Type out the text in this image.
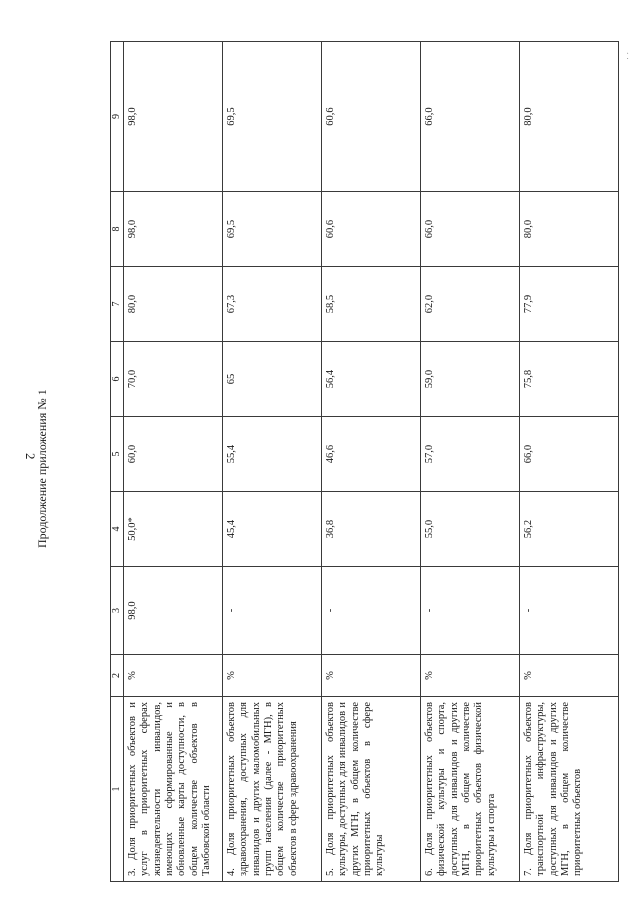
2
Продолжение приложения № 1
· ·
1	2	3	4	5	6	7	8	9
3. Доля приоритетных объектов и услуг в приоритетных сферах жизнедеятельности инвалидов, имеющих сформированные и обновленные карты доступности, в общем количестве объектов в Тамбовской области	%	98,0	50,0*	60,0	70,0	80,0	98,0	98,0
4. Доля приоритетных объектов здравоохранения, доступных для инвалидов и других маломобильных групп населения (далее - МГН), в общем количестве приоритетных объектов в сфере здравоохранения	%	-	45,4	55,4	65	67,3	69,5	69,5
5. Доля приоритетных объектов культуры, доступных для инвалидов и других МГН, в общем количестве приоритетных объектов в сфере культуры	%	-	36,8	46,6	56,4	58,5	60,6	60,6
6. Доля приоритетных объектов физической культуры и спорта, доступных для инвалидов и других МГН, в общем количестве приоритетных объектов физической культуры и спорта	%	-	55,0	57,0	59,0	62,0	66,0	66,0
7. Доля приоритетных объектов транспортной инфраструктуры, доступных для инвалидов и других МГН, в общем количестве приоритетных объектов	%	-	56,2	66,0	75,8	77,9	80,0	80,0
